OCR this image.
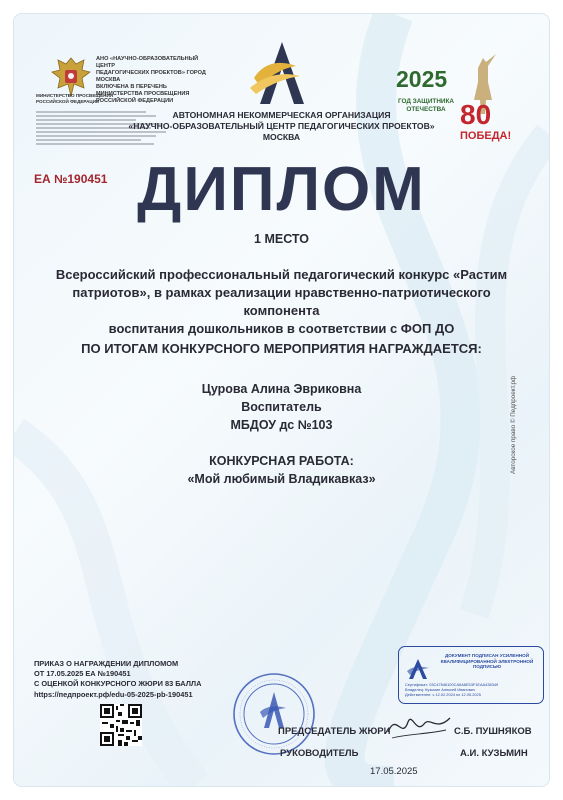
АНО «НАУЧНО-ОБРАЗОВАТЕЛЬНЫЙ ЦЕНТР
ПЕДАГОГИЧЕСКИХ ПРОЕКТОВ» ГОРОД МОСКВА
ВКЛЮЧЕНА В ПЕРЕЧЕНЬ
МИНИСТЕРСТВА ПРОСВЕЩЕНИЯ
РОССИЙСКОЙ ФЕДЕРАЦИИ
МИНИСТЕРСТВО ПРОСВЕЩЕНИЯ
РОССИЙСКОЙ ФЕДЕРАЦИИ
АВТОНОМНАЯ НЕКОММЕРЧЕСКАЯ ОРГАНИЗАЦИЯ
«НАУЧНО-ОБРАЗОВАТЕЛЬНЫЙ ЦЕНТР ПЕДАГОГИЧЕСКИХ ПРОЕКТОВ»
МОСКВА
2025
ГОД ЗАЩИТНИКА ОТЕЧЕСТВА 80
ПОБЕДА!
ЕА №190451 ДИПЛОМ
1 МЕСТО
Всероссийский профессиональный педагогический конкурс «Растим
патриотов», в рамках реализации нравственно-патриотического компонента
воспитания дошкольников в соответствии с ФОП ДО
ПО ИТОГАМ КОНКУРСНОГО МЕРОПРИЯТИЯ НАГРАЖДАЕТСЯ:
Цурова Алина Эвриковна
Воспитатель
МБДОУ дс №103
КОНКУРСНАЯ РАБОТА:
«Мой любимый Владикавказ»
Авторское право © Педпроект.рф
ПРИКАЗ О НАГРАЖДЕНИИ ДИПЛОМОМ
ОТ 17.05.2025 ЕА №190451
С ОЦЕНКОЙ КОНКУРСНОГО ЖЮРИ 83 БАЛЛА
https://педпроект.рф/edu-05-2025-pb-190451
ДОКУМЕНТ ПОДПИСАН УСИЛЕННОЙ КВАЛИФИЦИРОВАННОЙ ЭЛЕКТРОННОЙ ПОДПИСЬЮ
Сертификат: 03C47846100CA5A8E53F1EAA438349
Владелец: Кузьмин Алексей Иванович
Действителен: с 12.02.2024 по 12.05.2025
ПРЕДСЕДАТЕЛЬ ЖЮРИ	С.Б. ПУШНЯКОВ
РУКОВОДИТЕЛЬ	А.И. КУЗЬМИН
17.05.2025
